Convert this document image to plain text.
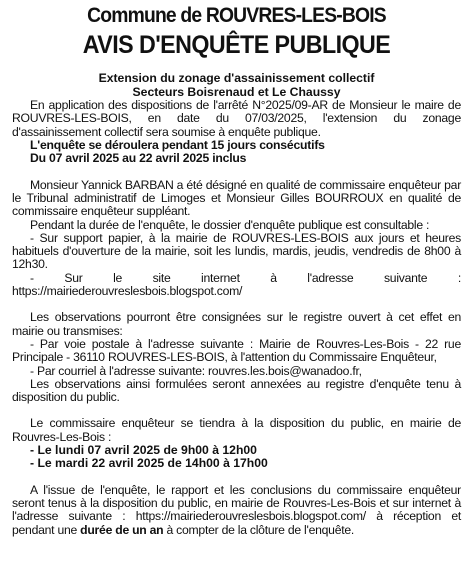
Commune de ROUVRES-LES-BOIS
AVIS D'ENQUÊTE PUBLIQUE
Extension du zonage d'assainissement collectif
Secteurs Boisrenaud et Le Chaussy

En application des dispositions de l'arrêté N°2025/09-AR de Monsieur le maire de ROUVRES-LES-BOIS, en date du 07/03/2025, l'extension du zonage d'assainissement collectif sera soumise à enquête publique.

L'enquête se déroulera pendant 15 jours consécutifs
Du 07 avril 2025 au 22 avril 2025 inclus

Monsieur Yannick BARBAN a été désigné en qualité de commissaire enquêteur par le Tribunal administratif de Limoges et Monsieur Gilles BOURROUX en qualité de commissaire enquêteur suppléant.

Pendant la durée de l'enquête, le dossier d'enquête publique est consultable :

- Sur support papier, à la mairie de ROUVRES-LES-BOIS aux jours et heures habituels d'ouverture de la mairie, soit les lundis, mardis, jeudis, vendredis de 8h00 à 12h30.

- Sur le site internet à l'adresse suivante : https://mairiederouvreslesbois.blogspot.com/

Les observations pourront être consignées sur le registre ouvert à cet effet en mairie ou transmises:

- Par voie postale à l'adresse suivante : Mairie de Rouvres-Les-Bois - 22 rue Principale - 36110 ROUVRES-LES-BOIS, à l'attention du Commissaire Enquêteur,

- Par courriel à l'adresse suivante: rouvres.les.bois@wanadoo.fr,

Les observations ainsi formulées seront annexées au registre d'enquête tenu à disposition du public.

Le commissaire enquêteur se tiendra à la disposition du public, en mairie de Rouvres-Les-Bois :

- Le lundi 07 avril 2025 de 9h00 à 12h00
- Le mardi 22 avril 2025 de 14h00 à 17h00

A l'issue de l'enquête, le rapport et les conclusions du commissaire enquêteur seront tenus à la disposition du public, en mairie de Rouvres-Les-Bois et sur internet à l'adresse suivante : https://mairiederouvreslesbois.blogspot.com/ à réception et pendant une durée de un an à compter de la clôture de l'enquête.
